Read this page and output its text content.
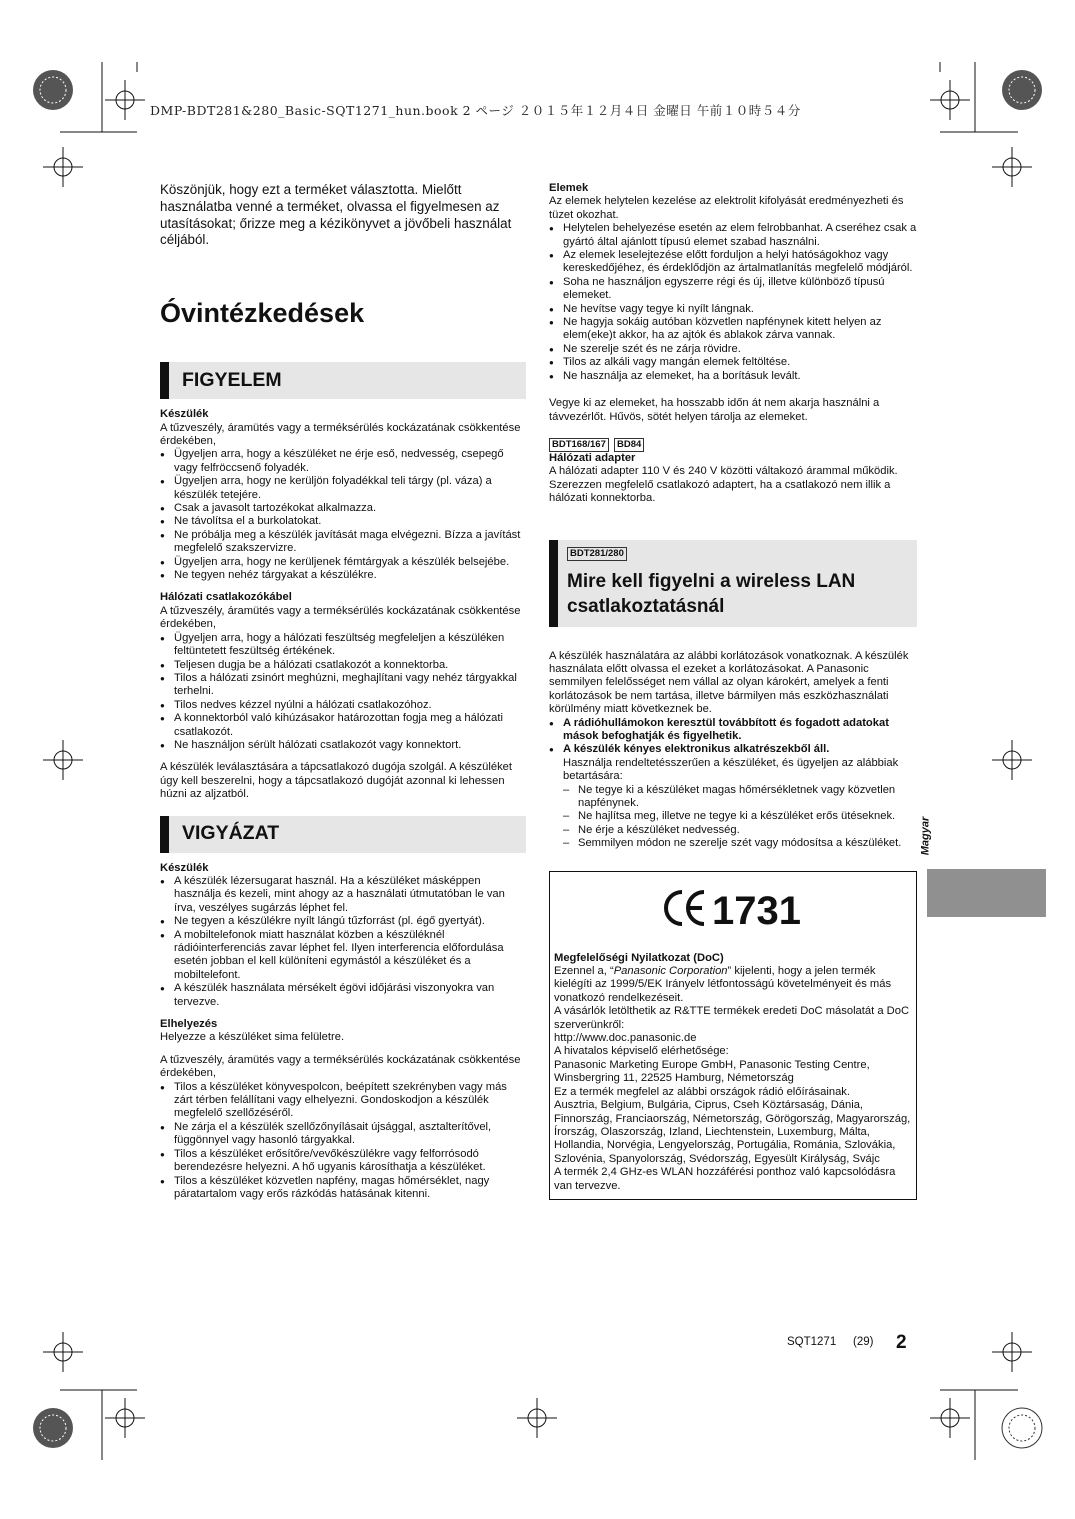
DMP-BDT281&280_Basic-SQT1271_hun.book 2 ページ ２０１５年１２月４日 金曜日 午前１０時５４分

Köszönjük, hogy ezt a terméket választotta. Mielőtt használatba venné a terméket, olvassa el figyelmesen az utasításokat; őrizze meg a kézikönyvet a jövőbeli használat céljából.

Óvintézkedések
FIGYELEM

Készülék

A tűzveszély, áramütés vagy a terméksérülés kockázatának csökkentése érdekében,

● Ügyeljen arra, hogy a készüléket ne érje eső, nedvesség, csepegő vagy felfröccsenő folyadék.
● Ügyeljen arra, hogy ne kerüljön folyadékkal teli tárgy (pl. váza) a készülék tetejére.
● Csak a javasolt tartozékokat alkalmazza.
● Ne távolítsa el a burkolatokat.
● Ne próbálja meg a készülék javítását maga elvégezni. Bízza a javítást megfelelő szakszervizre.
● Ügyeljen arra, hogy ne kerüljenek fémtárgyak a készülék belsejébe.
● Ne tegyen nehéz tárgyakat a készülékre.

Hálózati csatlakozókábel

A tűzveszély, áramütés vagy a terméksérülés kockázatának csökkentése érdekében,

● Ügyeljen arra, hogy a hálózati feszültség megfeleljen a készüléken feltüntetett feszültség értékének.
● Teljesen dugja be a hálózati csatlakozót a konnektorba.
● Tilos a hálózati zsinórt meghúzni, meghajlítani vagy nehéz tárgyakkal terhelni.
● Tilos nedves kézzel nyúlni a hálózati csatlakozóhoz.
● A konnektorból való kihúzásakor határozottan fogja meg a hálózati csatlakozót.
● Ne használjon sérült hálózati csatlakozót vagy konnektort.

A készülék leválasztására a tápcsatlakozó dugója szolgál. A készüléket úgy kell beszerelni, hogy a tápcsatlakozó dugóját azonnal ki lehessen húzni az aljzatból.

VIGYÁZAT

Készülék

● A készülék lézersugarat használ. Ha a készüléket másképpen használja és kezeli, mint ahogy az a használati útmutatóban le van írva, veszélyes sugárzás léphet fel.
● Ne tegyen a készülékre nyílt lángú tűzforrást (pl. égő gyertyát).
● A mobiltelefonok miatt használat közben a készüléknél rádióinterferenciás zavar léphet fel. Ilyen interferencia előfordulása esetén jobban el kell különíteni egymástól a készüléket és a mobiltelefont.
● A készülék használata mérsékelt égövi időjárási viszonyokra van tervezve.

Elhelyezés

Helyezze a készüléket sima felületre.

A tűzveszély, áramütés vagy a terméksérülés kockázatának csökkentése érdekében,

● Tilos a készüléket könyvespolcon, beépített szekrényben vagy más zárt térben felállítani vagy elhelyezni. Gondoskodjon a készülék megfelelő szellőzéséről.
● Ne zárja el a készülék szellőzőnyílásait újsággal, asztalterítővel, függönnyel vagy hasonló tárgyakkal.
● Tilos a készüléket erősítőre/vevőkészülékre vagy felforrósodó berendezésre helyezni. A hő ugyanis károsíthatja a készüléket.
● Tilos a készüléket közvetlen napfény, magas hőmérséklet, nagy páratartalom vagy erős rázkódás hatásának kitenni.

Elemek

Az elemek helytelen kezelése az elektrolit kifolyását eredményezheti és tüzet okozhat.

● Helytelen behelyezése esetén az elem felrobbanhat. A cseréhez csak a gyártó által ajánlott típusú elemet szabad használni.
● Az elemek leselejtezése előtt forduljon a helyi hatóságokhoz vagy kereskedőjéhez, és érdeklődjön az ártalmatlanítás megfelelő módjáról.
● Soha ne használjon egyszerre régi és új, illetve különböző típusú elemeket.
● Ne hevítse vagy tegye ki nyílt lángnak.
● Ne hagyja sokáig autóban közvetlen napfénynek kitett helyen az elem(eke)t akkor, ha az ajtók és ablakok zárva vannak.
● Ne szerelje szét és ne zárja rövidre.
● Tilos az alkáli vagy mangán elemek feltöltése.
● Ne használja az elemeket, ha a borításuk levált.

Vegye ki az elemeket, ha hosszabb időn át nem akarja használni a távvezérlőt. Hűvös, sötét helyen tárolja az elemeket.

BDT168/167 BD84

Hálózati adapter

A hálózati adapter 110 V és 240 V közötti váltakozó árammal működik.

Szerezzen megfelelő csatlakozó adaptert, ha a csatlakozó nem illik a hálózati konnektorba.

BDT281/280
Mire kell figyelni a wireless LAN csatlakoztatásnál

A készülék használatára az alábbi korlátozások vonatkoznak. A készülék használata előtt olvassa el ezeket a korlátozásokat. A Panasonic semmilyen felelősséget nem vállal az olyan károkért, amelyek a fenti korlátozások be nem tartása, illetve bármilyen más eszközhasználati körülmény miatt következnek be.

● A rádióhullámokon keresztül továbbított és fogadott adatokat mások befoghatják és figyelhetik.
● A készülék kényes elektronikus alkatrészekből áll.
Használja rendeltetésszerűen a készüléket, és ügyeljen az alábbiak betartására:
– Ne tegye ki a készüléket magas hőmérsékletnek vagy közvetlen napfénynek.
– Ne hajlítsa meg, illetve ne tegye ki a készüléket erős ütéseknek.
– Ne érje a készüléket nedvesség.
– Semmilyen módon ne szerelje szét vagy módosítsa a készüléket.
1731

Megfelelőségi Nyilatkozat (DoC)

Ezennel a, “Panasonic Corporation” kijelenti, hogy a jelen termék kielégíti az 1999/5/EK Irányelv létfontosságú követelményeit és más vonatkozó rendelkezéseit.

A vásárlók letölthetik az R&TTE termékek eredeti DoC másolatát a DoC szerverünkről:

http://www.doc.panasonic.de

A hivatalos képviselő elérhetősége:

Panasonic Marketing Europe GmbH, Panasonic Testing Centre, Winsbergring 11, 22525 Hamburg, Németország

Ez a termék megfelel az alábbi országok rádió előírásainak.

Ausztria, Belgium, Bulgária, Ciprus, Cseh Köztársaság, Dánia, Finnország, Franciaország, Németország, Görögország, Magyarország, Írország, Olaszország, Izland, Liechtenstein, Luxemburg, Málta, Hollandia, Norvégia, Lengyelország, Portugália, Románia, Szlovákia, Szlovénia, Spanyolország, Svédország, Egyesült Királyság, Svájc

A termék 2,4 GHz-es WLAN hozzáférési ponthoz való kapcsolódásra van tervezve.

Magyar
SQT1271 (29) 2
